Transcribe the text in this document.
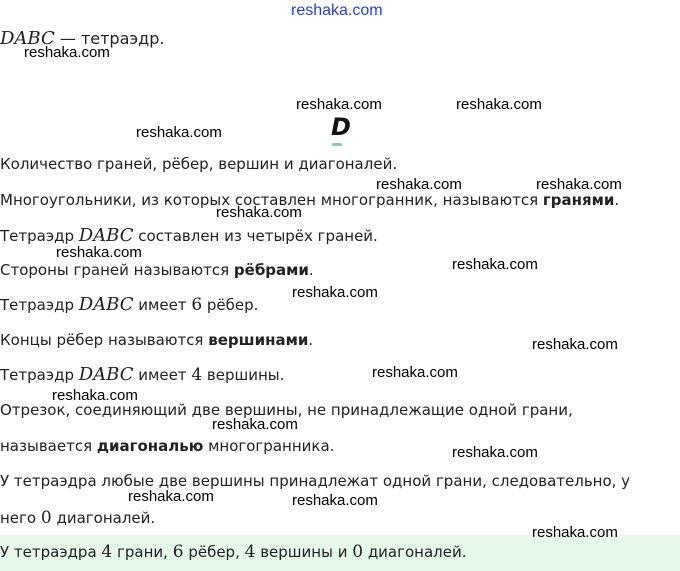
reshaka.com
DABC — тетраэдр.
D
Количество граней, рёбер, вершин и диагоналей.
Многоугольники, из которых составлен многогранник, называются гранями.
Тетраэдр DABC составлен из четырёх граней.
Стороны граней называются рёбрами.
Тетраэдр DABC имеет 6 рёбер.
Концы рёбер называются вершинами.
Тетраэдр DABC имеет 4 вершины.
Отрезок, соединяющий две вершины, не принадлежащие одной грани,
называется диагональю многогранника.
У тетраэдра любые две вершины принадлежат одной грани, следовательно, у
него 0 диагоналей.
У тетраэдра 4 грани, 6 рёбер, 4 вершины и 0 диагоналей.
reshaka.com
reshaka.com	reshaka.com
reshaka.com
reshaka.com	reshaka.com
reshaka.com
reshaka.com
reshaka.com
reshaka.com
reshaka.com
reshaka.com
reshaka.com
reshaka.com
reshaka.com
reshaka.com	reshaka.com
reshaka.com
